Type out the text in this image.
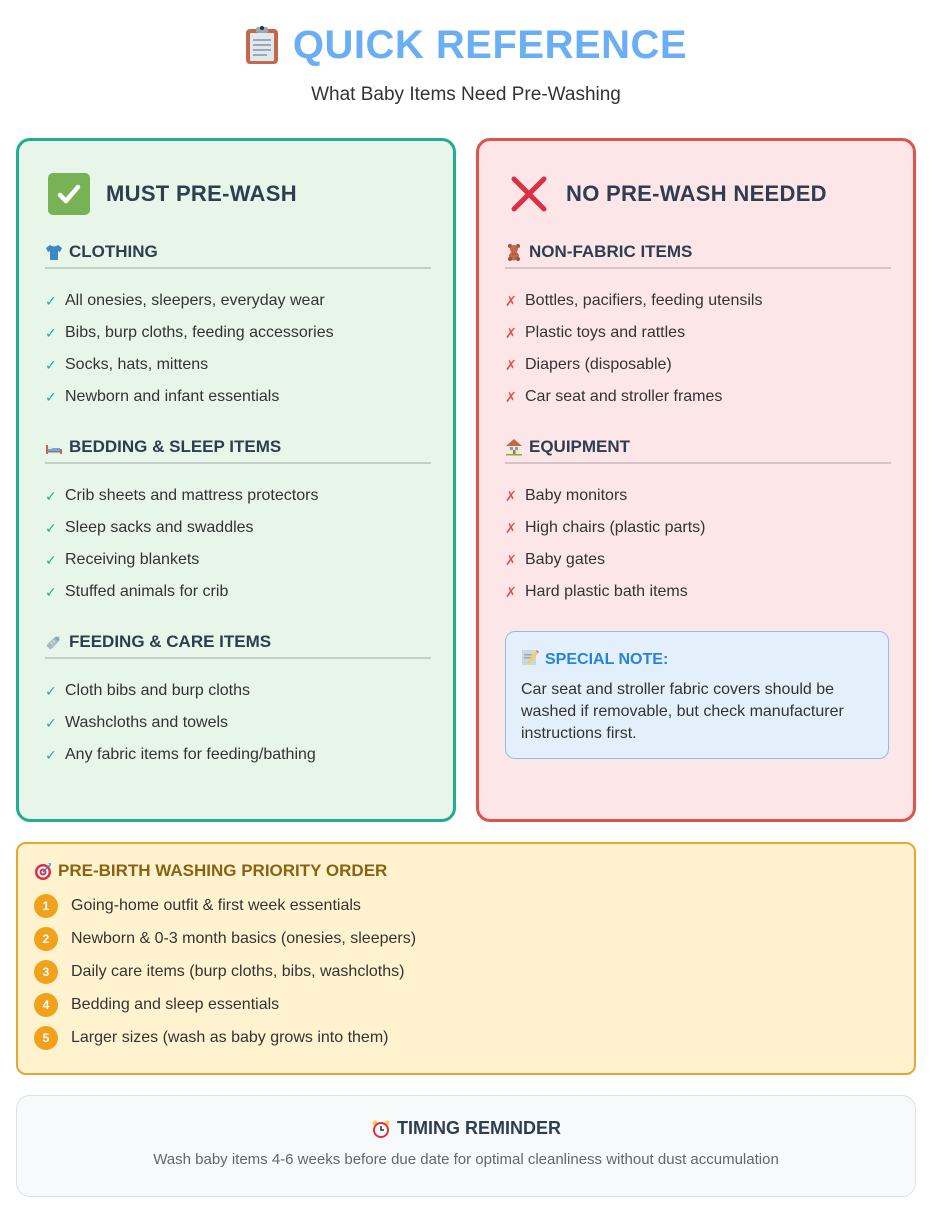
QUICK REFERENCE
What Baby Items Need Pre-Washing
MUST PRE-WASH
CLOTHING
✓ All onesies, sleepers, everyday wear
✓ Bibs, burp cloths, feeding accessories
✓ Socks, hats, mittens
✓ Newborn and infant essentials
BEDDING & SLEEP ITEMS
✓ Crib sheets and mattress protectors
✓ Sleep sacks and swaddles
✓ Receiving blankets
✓ Stuffed animals for crib
FEEDING & CARE ITEMS
✓ Cloth bibs and burp cloths
✓ Washcloths and towels
✓ Any fabric items for feeding/bathing
NO PRE-WASH NEEDED
NON-FABRIC ITEMS
✗ Bottles, pacifiers, feeding utensils
✗ Plastic toys and rattles
✗ Diapers (disposable)
✗ Car seat and stroller frames
EQUIPMENT
✗ Baby monitors
✗ High chairs (plastic parts)
✗ Baby gates
✗ Hard plastic bath items
SPECIAL NOTE:
Car seat and stroller fabric covers should be washed if removable, but check manufacturer instructions first.
PRE-BIRTH WASHING PRIORITY ORDER
1	Going-home outfit & first week essentials
2	Newborn & 0-3 month basics (onesies, sleepers)
3	Daily care items (burp cloths, bibs, washcloths)
4	Bedding and sleep essentials
5	Larger sizes (wash as baby grows into them)
TIMING REMINDER
Wash baby items 4-6 weeks before due date for optimal cleanliness without dust accumulation
